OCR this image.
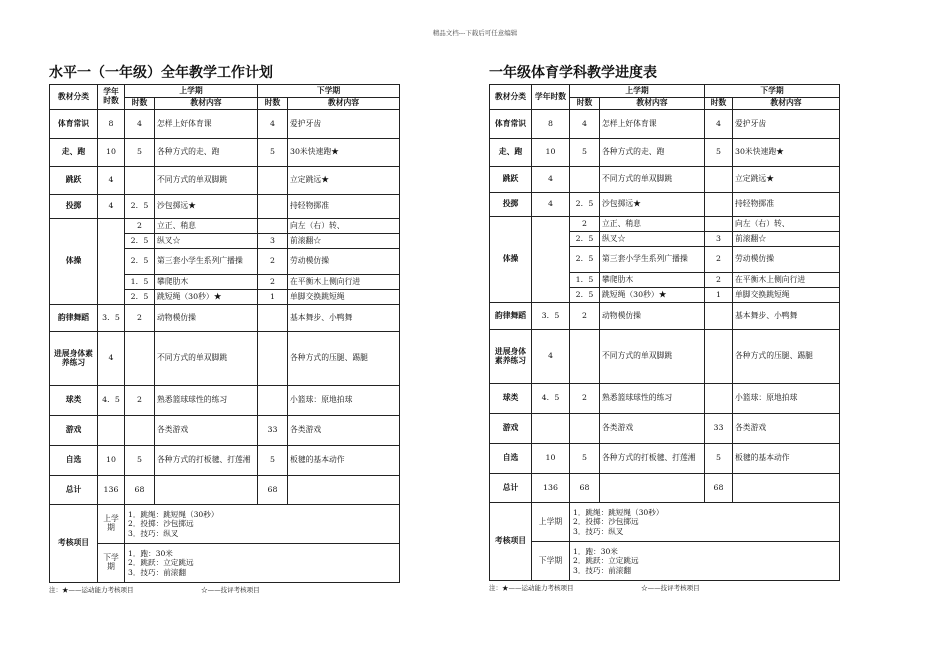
精品文档---下载后可任意编辑
水平一（一年级）全年教学工作计划
教材分类	学年时数	上学期		下学期	
		时数	教材内容	时数	教材内容
体育常识	8	4	怎样上好体育课	4	爱护牙齿
走、跑	10	5	各种方式的走、跑	5	30米快速跑★
跳跃	4		不同方式的单双脚跳		立定跳远★
投掷	4	2．5	沙包掷远★		持轻物掷准
体操		2	立正、稍息		向左（右）转、
		2．5	纵叉☆	3	前滚翻☆
		2．5	第三套小学生系列广播操	2	劳动模仿操
		1．5	攀爬肋木	2	在平衡木上侧向行进
		2．5	跳短绳（30秒）★	1	单脚交换跳短绳
韵律舞蹈	3．5	2	动物模仿操		基本舞步、小鸭舞
进展身体素养练习	4		不同方式的单双脚跳		各种方式的压腿、踢腿
球类	4．5	2	熟悉篮球球性的练习		小篮球：原地拍球
游戏			各类游戏	33	各类游戏
自选	10	5	各种方式的打板毽、打莲湘	5	板毽的基本动作
总计	136	68		68	
考核项目	上学期	1．跳绳：跳短绳（30秒）
2．投掷：沙包掷远
3．技巧：纵叉			

	下学期	1．跑：30米
2．跳跃：立定跳远
3．技巧：前滚翻			
注：★——运动能力考核项目	☆——技评考核项目
一年级体育学科教学进度表
教材分类	学年时数	上学期		下学期	
		时数	教材内容	时数	教材内容
体育常识	8	4	怎样上好体育课	4	爱护牙齿
走、跑	10	5	各种方式的走、跑	5	30米快速跑★
跳跃	4		不同方式的单双脚跳		立定跳远★
投掷	4	2．5	沙包掷远★		持轻物掷准
体操		2	立正、稍息		向左（右）转、
		2．5	纵叉☆	3	前滚翻☆
		2．5	第三套小学生系列广播操	2	劳动模仿操
		1．5	攀爬肋木	2	在平衡木上侧向行进
		2．5	跳短绳（30秒）★	1	单脚交换跳短绳
韵律舞蹈	3．5	2	动物模仿操		基本舞步、小鸭舞
进展身体素养练习	4		不同方式的单双脚跳		各种方式的压腿、踢腿
球类	4．5	2	熟悉篮球球性的练习		小篮球：原地拍球
游戏			各类游戏	33	各类游戏
自选	10	5	各种方式的打板毽、打莲湘	5	板毽的基本动作
总计	136	68		68	
考核项目	上学期	1．跳绳：跳短绳（30秒）
2．投掷：沙包掷远
3．技巧：纵叉			

	下学期	1．跑：30米
2．跳跃：立定跳远
3．技巧：前滚翻			
注：★——运动能力考核项目	☆——技评考核项目
